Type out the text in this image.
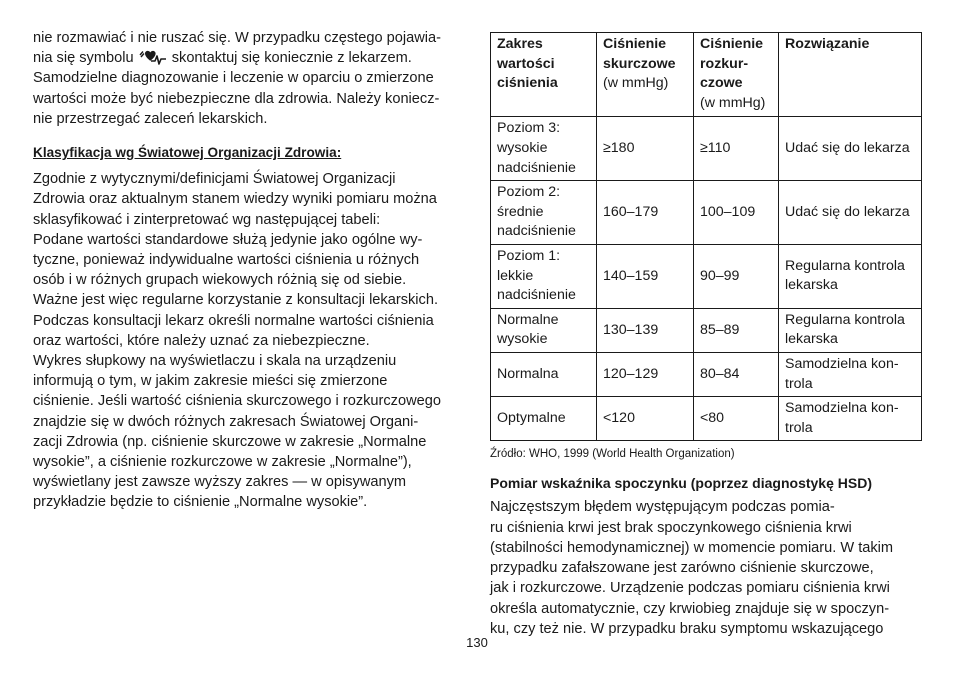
nie rozmawiać i nie ruszać się. W przypadku częstego pojawia-
nia się symbolu	skontaktuj się koniecznie z lekarzem.
Samodzielne diagnozowanie i leczenie w oparciu o zmierzone
wartości może być niebezpieczne dla zdrowia. Należy koniecz-
nie przestrzegać zaleceń lekarskich.

Klasyfikacja wg Światowej Organizacji Zdrowia:

Zgodnie z wytycznymi/definicjami Światowej Organizacji
Zdrowia oraz aktualnym stanem wiedzy wyniki pomiaru można
sklasyfikować i zinterpretować wg następującej tabeli:
Podane wartości standardowe służą jedynie jako ogólne wy-
tyczne, ponieważ indywidualne wartości ciśnienia u różnych
osób i w różnych grupach wiekowych różnią się od siebie.
Ważne jest więc regularne korzystanie z konsultacji lekarskich.
Podczas konsultacji lekarz określi normalne wartości ciśnienia
oraz wartości, które należy uznać za niebezpieczne.
Wykres słupkowy na wyświetlaczu i skala na urządzeniu
informują o tym, w jakim zakresie mieści się zmierzone
ciśnienie. Jeśli wartość ciśnienia skurczowego i rozkurczowego
znajdzie się w dwóch różnych zakresach Światowej Organi-
zacji Zdrowia (np. ciśnienie skurczowe w zakresie „Normalne
wysokie”, a ciśnienie rozkurczowe w zakresie „Normalne”),
wyświetlany jest zawsze wyższy zakres — w opisywanym
przykładzie będzie to ciśnienie „Normalne wysokie”.

Zakres
wartości
ciśnienia	Ciśnienie
skurczowe
(w mmHg)	Ciśnienie
rozkur-
czowe
(w mmHg)	Rozwiązanie

Poziom 3:
wysokie
nadciśnienie	≥180	≥110	Udać się do lekarza

Poziom 2:
średnie
nadciśnienie	160–179	100–109	Udać się do lekarza

Poziom 1:
lekkie
nadciśnienie	140–159	90–99	Regularna kontrola
lekarska

Normalne
wysokie	130–139	85–89	Regularna kontrola
lekarska

Normalna	120–129	80–84	Samodzielna kon-
trola

Optymalne	<120	<80	Samodzielna kon-
trola
Źródło: WHO, 1999 (World Health Organization)
Pomiar wskaźnika spoczynku (poprzez diagnostykę HSD)

Najczęstszym błędem występującym podczas pomia-
ru ciśnienia krwi jest brak spoczynkowego ciśnienia krwi
(stabilności hemodynamicznej) w momencie pomiaru. W takim
przypadku zafałszowane jest zarówno ciśnienie skurczowe,
jak i rozkurczowe. Urządzenie podczas pomiaru ciśnienia krwi
określa automatycznie, czy krwiobieg znajduje się w spoczyn-
ku, czy też nie. W przypadku braku symptomu wskazującego

130
